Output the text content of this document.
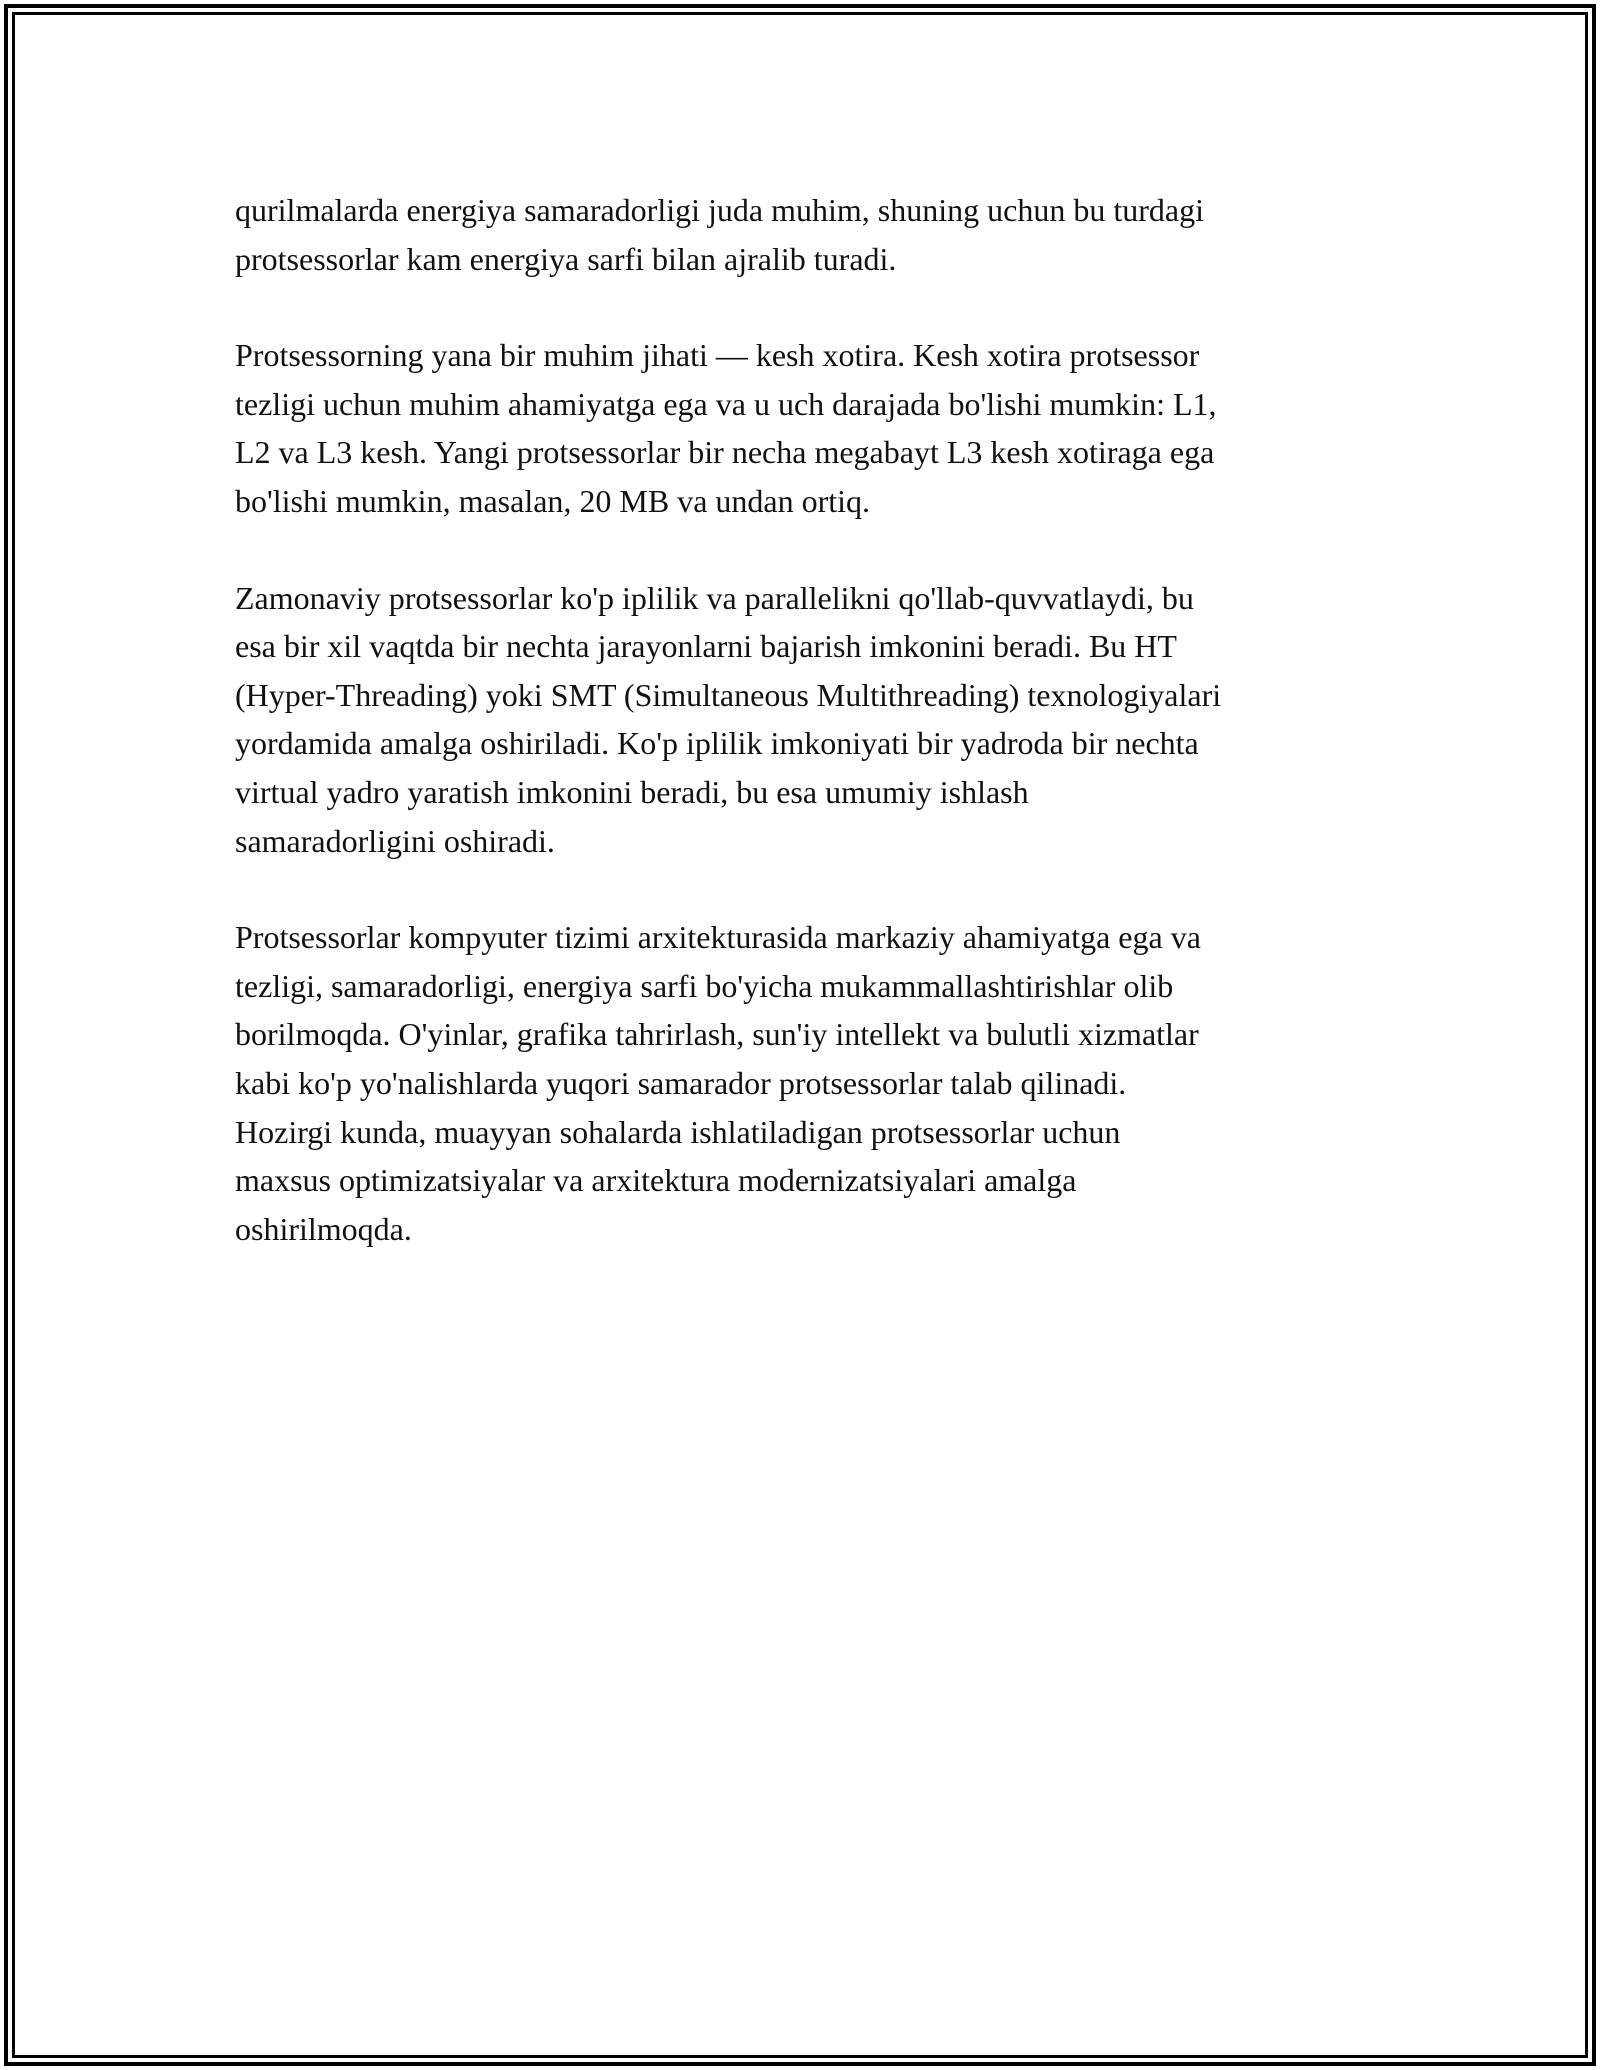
qurilmalarda energiya samaradorligi juda muhim, shuning uchun bu turdagi
protsessorlar kam energiya sarfi bilan ajralib turadi.

Protsessorning yana bir muhim jihati — kesh xotira. Kesh xotira protsessor
tezligi uchun muhim ahamiyatga ega va u uch darajada bo'lishi mumkin: L1,
L2 va L3 kesh. Yangi protsessorlar bir necha megabayt L3 kesh xotiraga ega
bo'lishi mumkin, masalan, 20 MB va undan ortiq.

Zamonaviy protsessorlar ko'p iplilik va parallelikni qo'llab-quvvatlaydi, bu
esa bir xil vaqtda bir nechta jarayonlarni bajarish imkonini beradi. Bu HT
(Hyper-Threading) yoki SMT (Simultaneous Multithreading) texnologiyalari
yordamida amalga oshiriladi. Ko'p iplilik imkoniyati bir yadroda bir nechta
virtual yadro yaratish imkonini beradi, bu esa umumiy ishlash
samaradorligini oshiradi.

Protsessorlar kompyuter tizimi arxitekturasida markaziy ahamiyatga ega va
tezligi, samaradorligi, energiya sarfi bo'yicha mukammallashtirishlar olib
borilmoqda. O'yinlar, grafika tahrirlash, sun'iy intellekt va bulutli xizmatlar
kabi ko'p yo'nalishlarda yuqori samarador protsessorlar talab qilinadi.
Hozirgi kunda, muayyan sohalarda ishlatiladigan protsessorlar uchun
maxsus optimizatsiyalar va arxitektura modernizatsiyalari amalga
oshirilmoqda.
